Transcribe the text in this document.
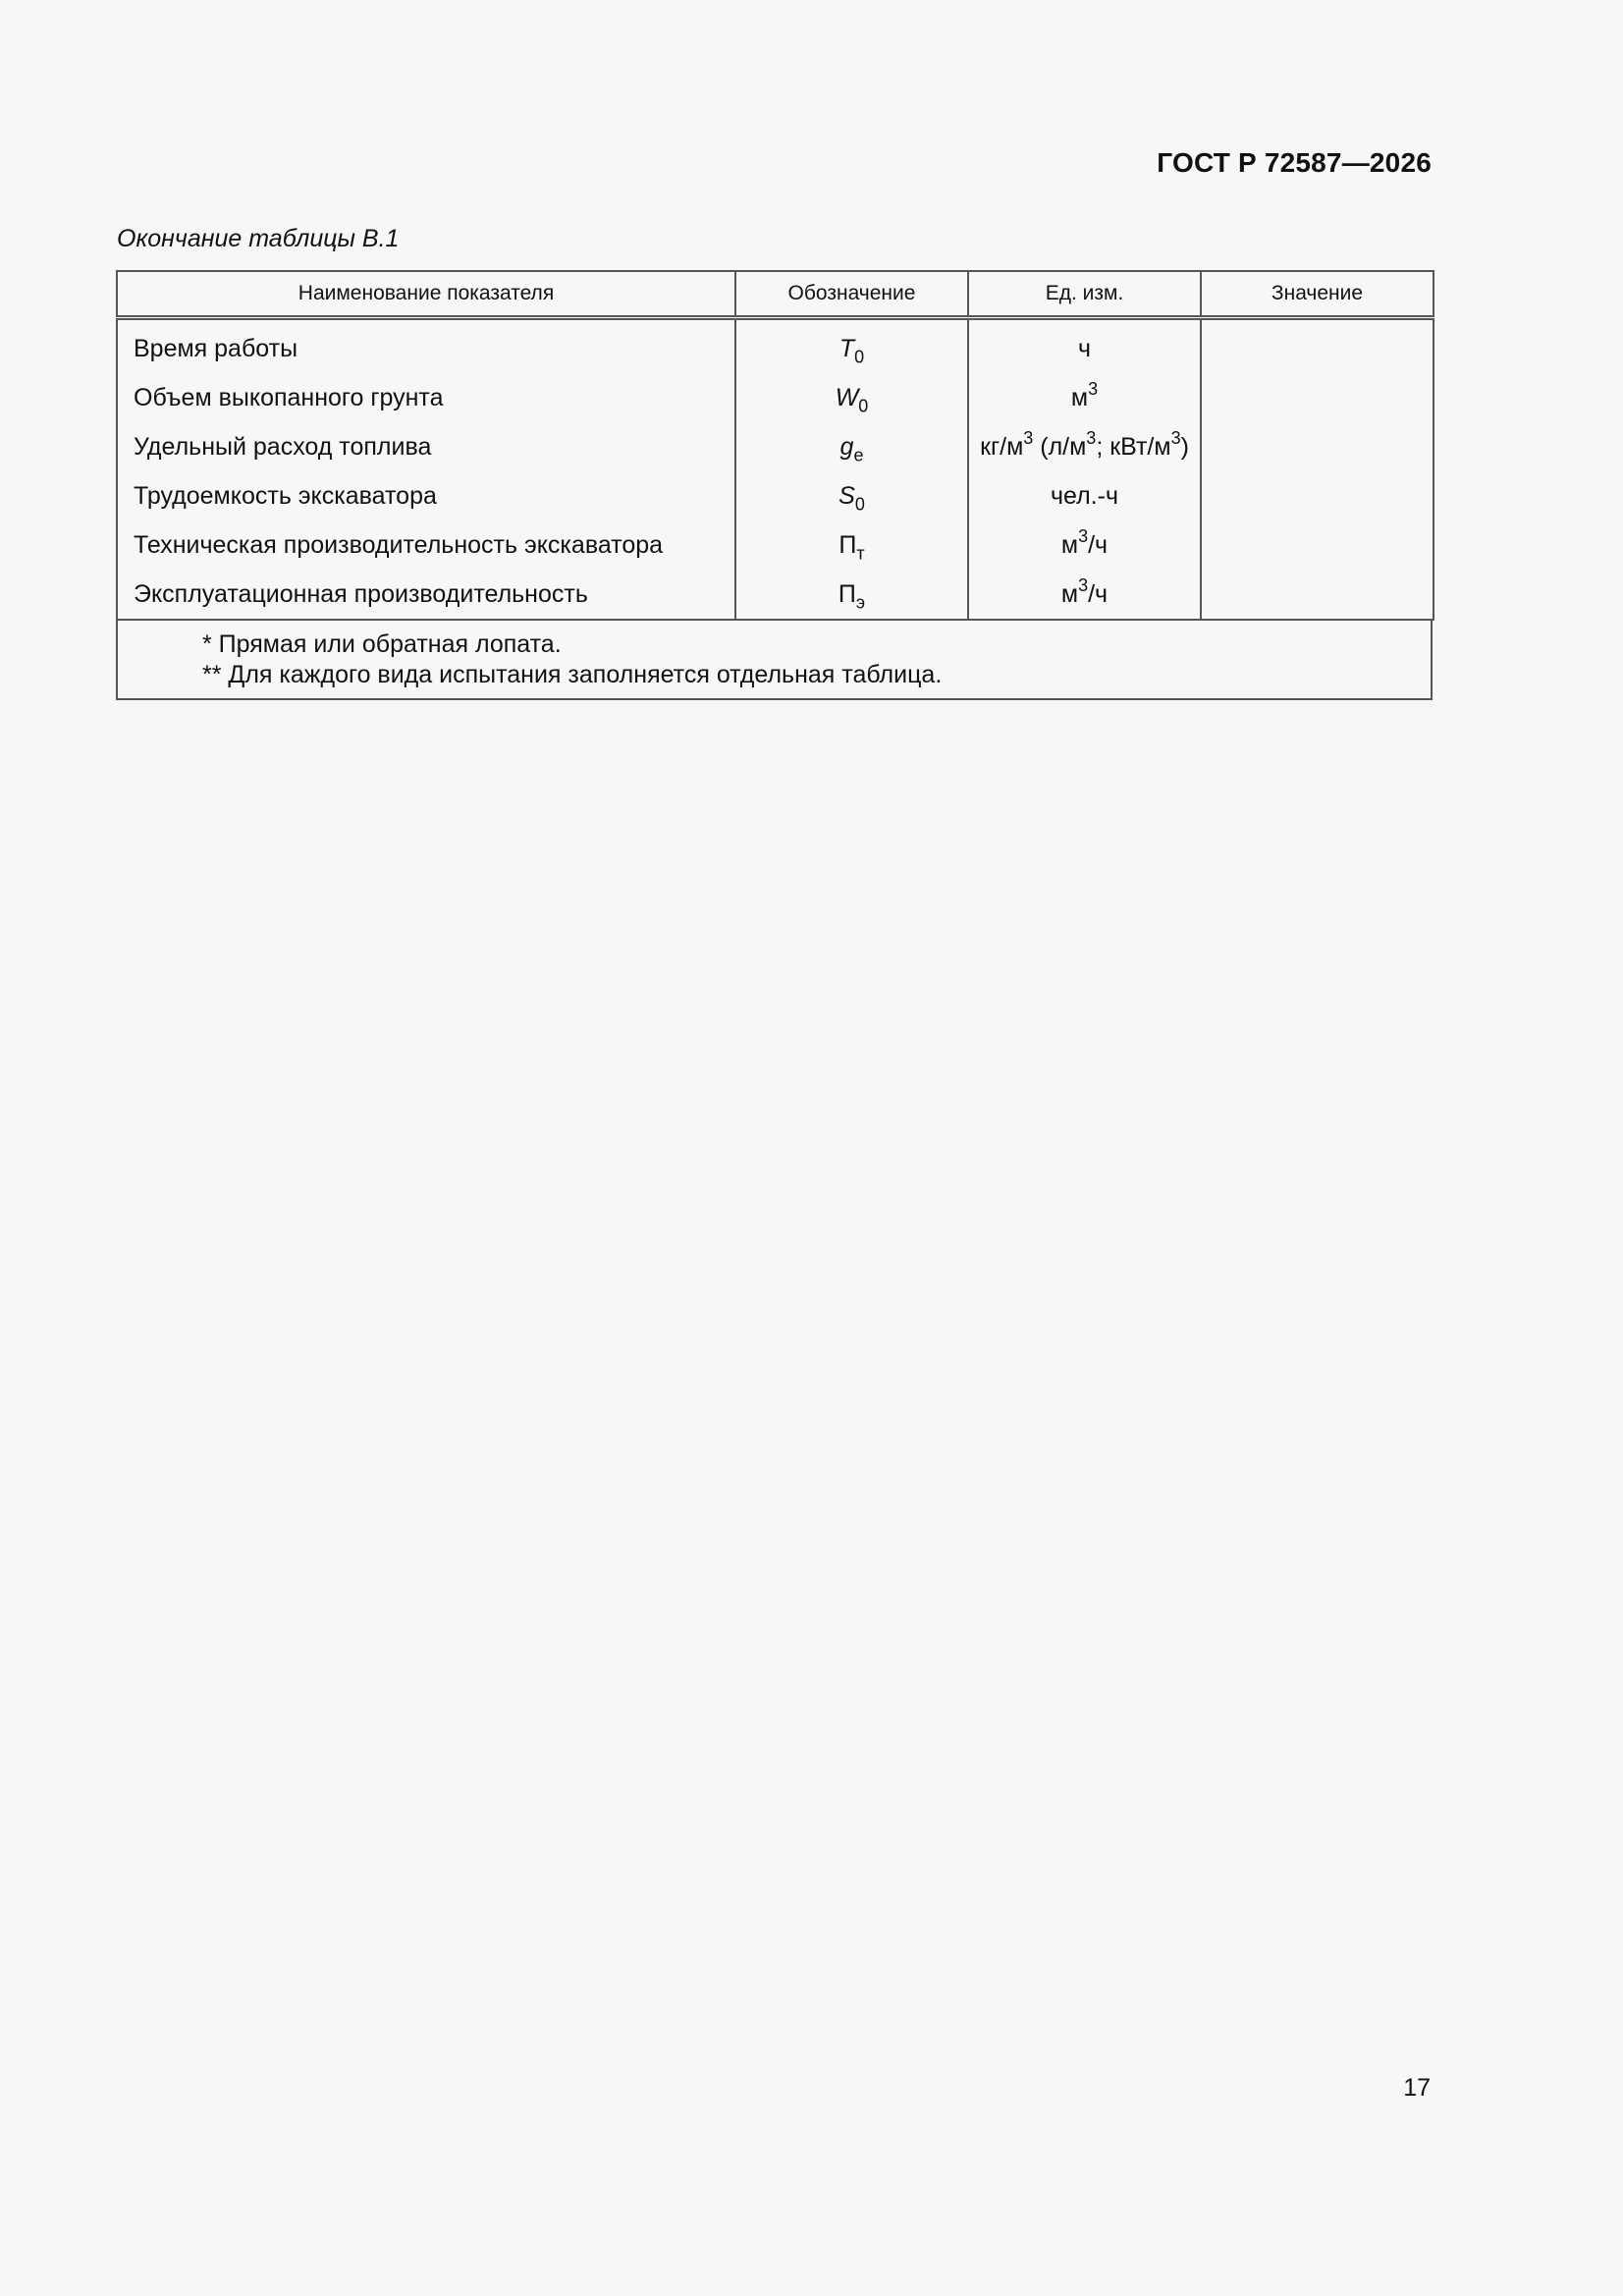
ГОСТ Р 72587—2026
Окончание таблицы В.1
Наименование показателя	Обозначение	Ед. изм.	Значение
Время работы	$T_0$	ч	
Объем выкопанного грунта	$W_0$	$м^3$	
Удельный расход топлива	$g_e$	$кг/м^3$ ($л/м^3$; кВт/$м^3$)	
Трудоемкость экскаватора	$S_0$	чел.-ч	
Техническая производительность экскаватора	$П_т$	$м^3/ч$	
Эксплуатационная производительность	$П_э$	$м^3/ч$	
* Прямая или обратная лопата.
** Для каждого вида испытания заполняется отдельная таблица.
17
